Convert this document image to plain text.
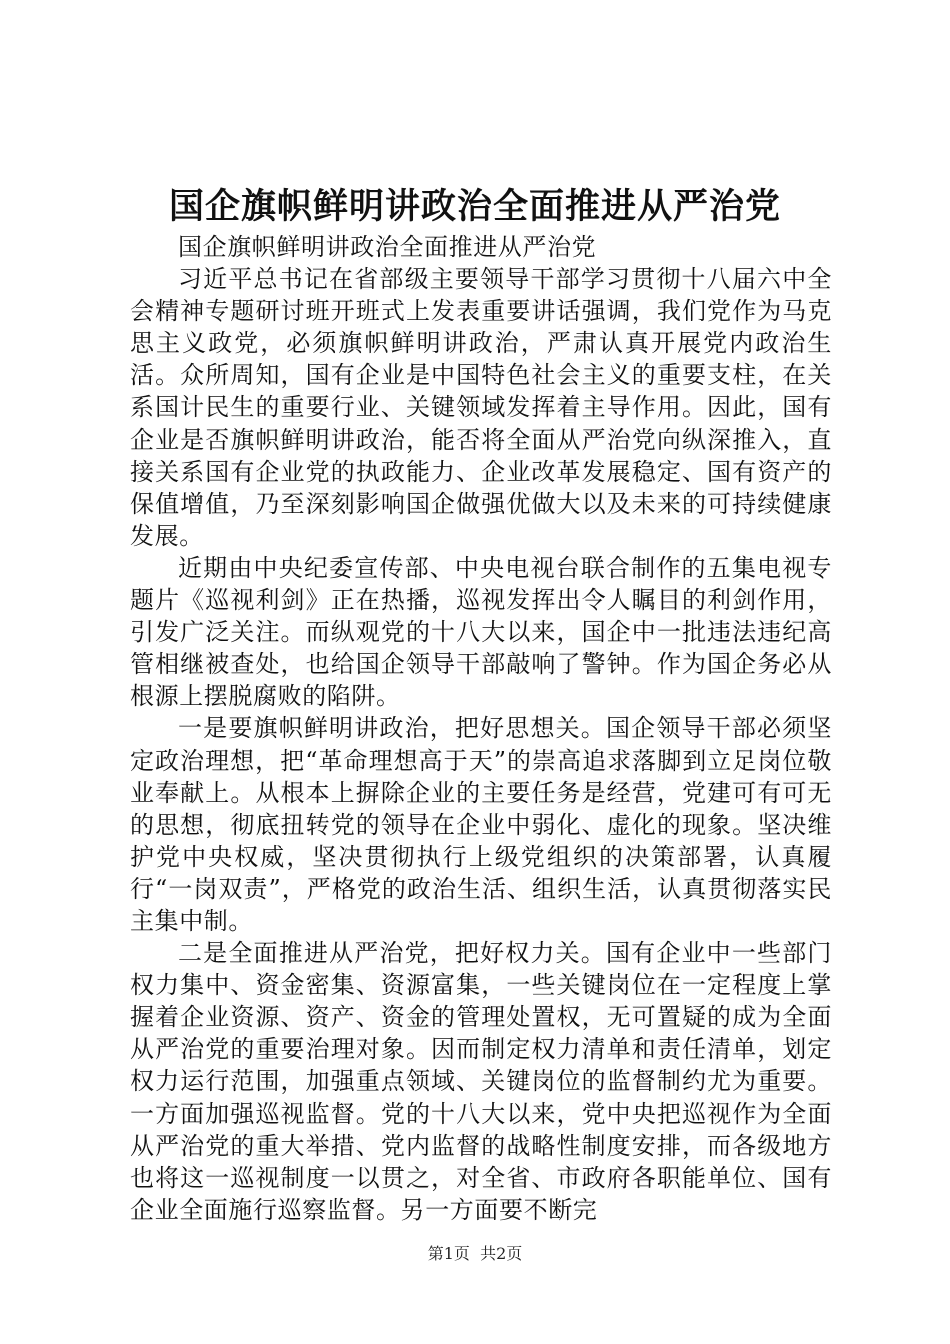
国企旗帜鲜明讲政治全面推进从严治党

国企旗帜鲜明讲政治全面推进从严治党

习近平总书记在省部级主要领导干部学习贯彻十八届六中全会精神专题研讨班开班式上发表重要讲话强调，我们党作为马克思主义政党，必须旗帜鲜明讲政治，严肃认真开展党内政治生活。众所周知，国有企业是中国特色社会主义的重要支柱，在关系国计民生的重要行业、关键领域发挥着主导作用。因此，国有企业是否旗帜鲜明讲政治，能否将全面从严治党向纵深推入，直接关系国有企业党的执政能力、企业改革发展稳定、国有资产的保值增值，乃至深刻影响国企做强优做大以及未来的可持续健康发展。

近期由中央纪委宣传部、中央电视台联合制作的五集电视专题片《巡视利剑》正在热播，巡视发挥出令人瞩目的利剑作用，引发广泛关注。而纵观党的十八大以来，国企中一批违法违纪高管相继被查处，也给国企领导干部敲响了警钟。作为国企务必从根源上摆脱腐败的陷阱。

一是要旗帜鲜明讲政治，把好思想关。国企领导干部必须坚定政治理想，把“革命理想高于天”的崇高追求落脚到立足岗位敬业奉献上。从根本上摒除企业的主要任务是经营，党建可有可无的思想，彻底扭转党的领导在企业中弱化、虚化的现象。坚决维护党中央权威，坚决贯彻执行上级党组织的决策部署，认真履行“一岗双责”，严格党的政治生活、组织生活，认真贯彻落实民主集中制。

二是全面推进从严治党，把好权力关。国有企业中一些部门权力集中、资金密集、资源富集，一些关键岗位在一定程度上掌握着企业资源、资产、资金的管理处置权，无可置疑的成为全面从严治党的重要治理对象。因而制定权力清单和责任清单，划定权力运行范围，加强重点领域、关键岗位的监督制约尤为重要。一方面加强巡视监督。党的十八大以来，党中央把巡视作为全面从严治党的重大举措、党内监督的战略性制度安排，而各级地方也将这一巡视制度一以贯之，对全省、市政府各职能单位、国有企业全面施行巡察监督。另一方面要不断完

第1页  共2页
